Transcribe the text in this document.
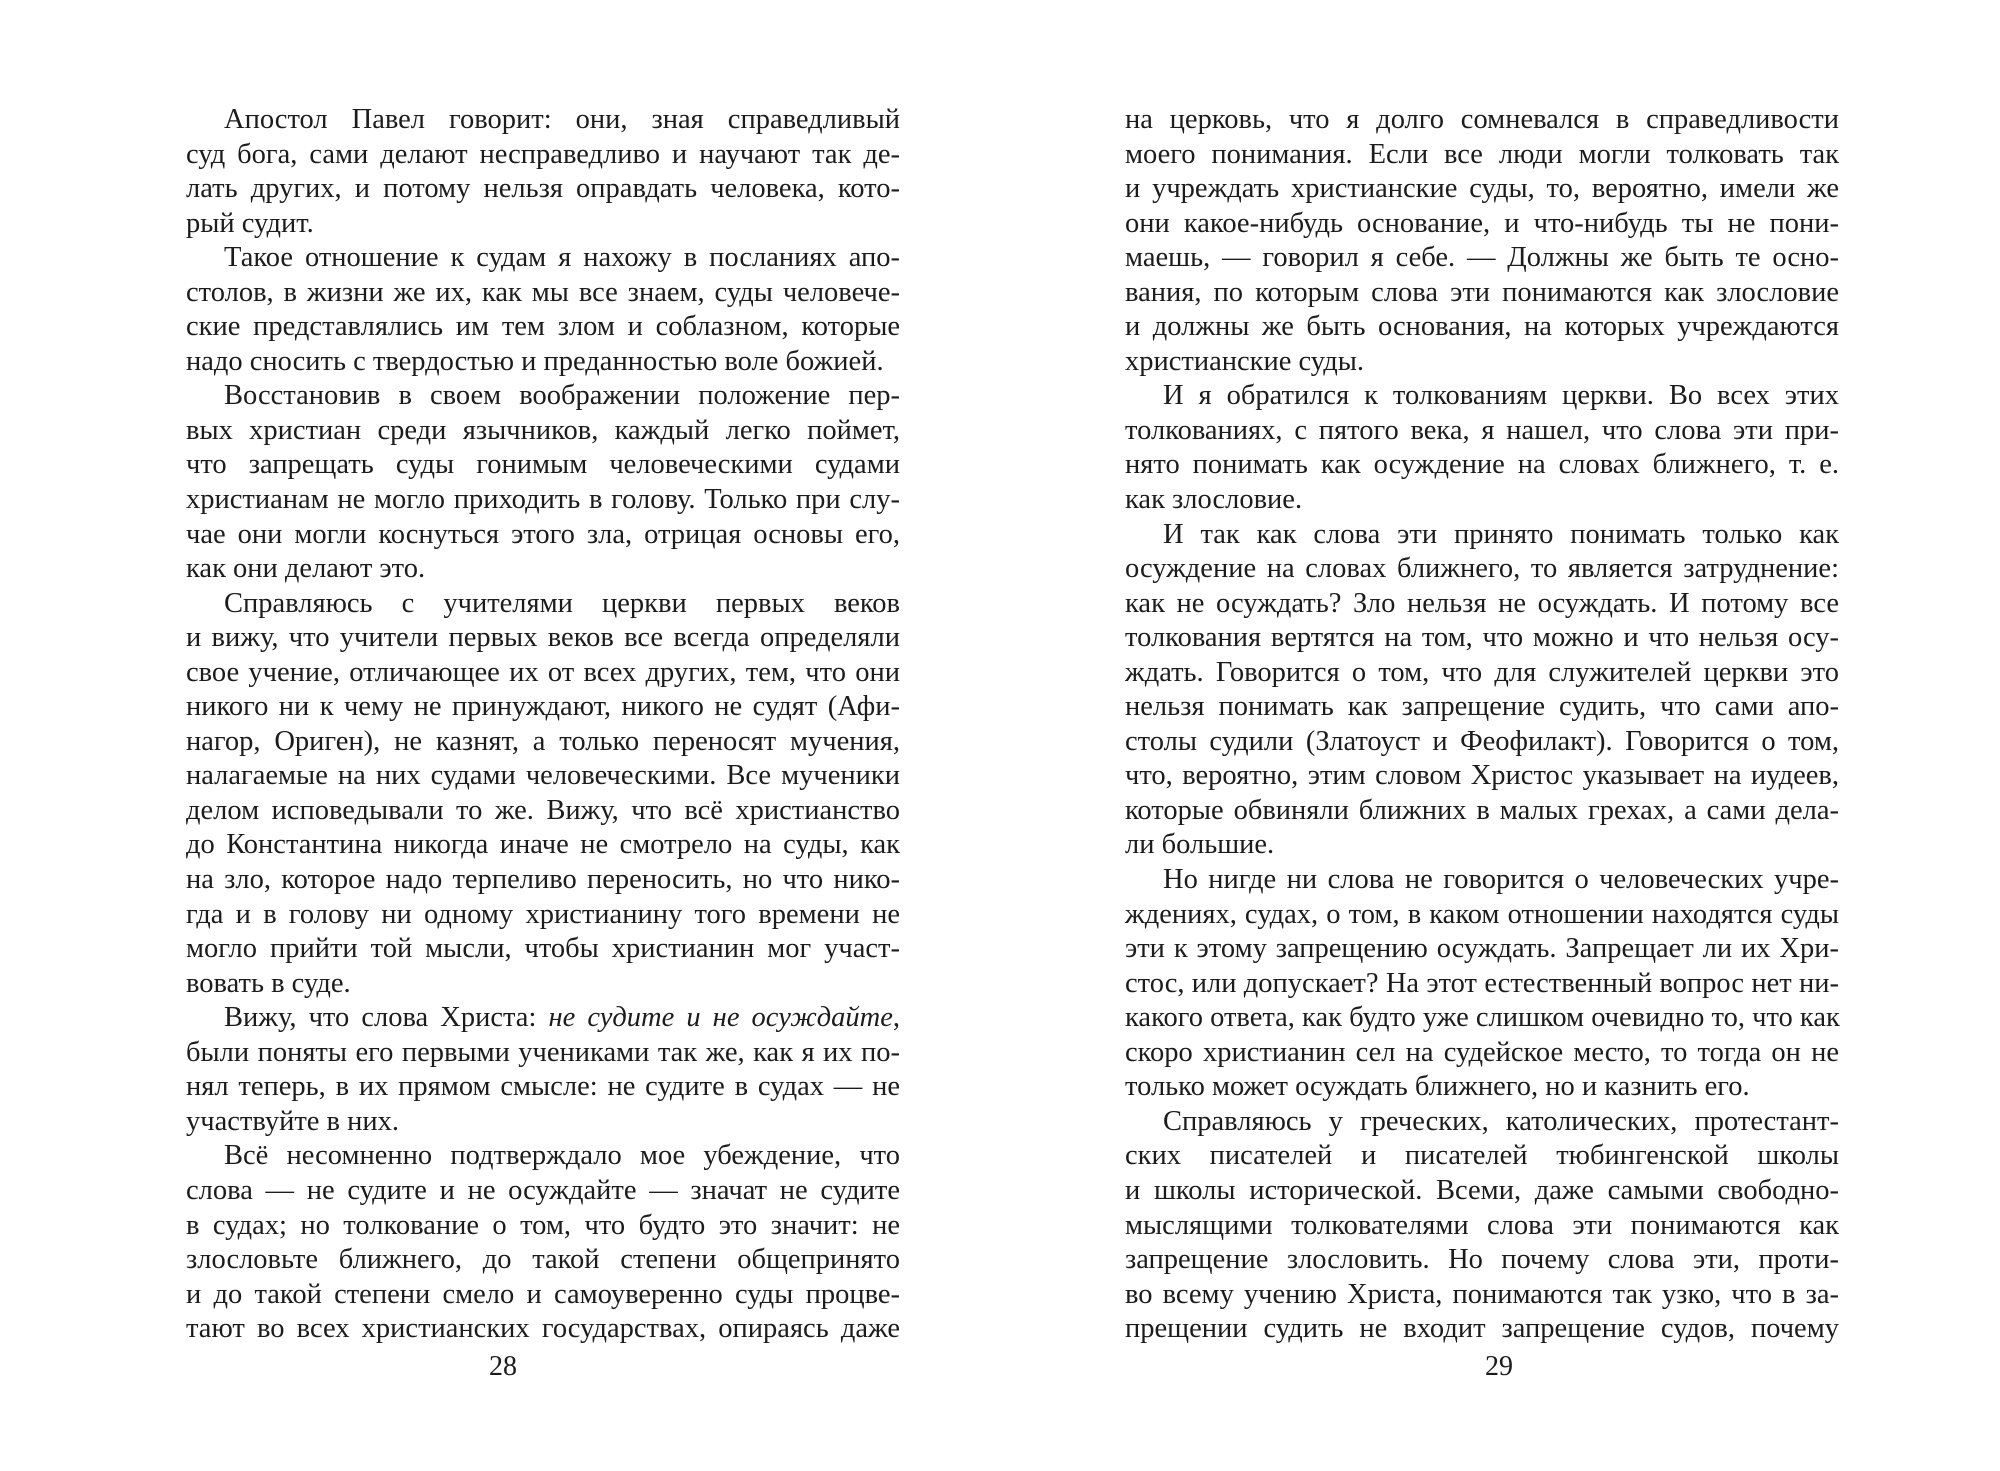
Апостол Павел говорит: они, зная справедливый
суд бога, сами делают несправедливо и научают так де-
лать других, и потому нельзя оправдать человека, кото-
рый судит.
Такое отношение к судам я нахожу в посланиях апо-
столов, в жизни же их, как мы все знаем, суды человече-
ские представлялись им тем злом и соблазном, которые
надо сносить с твердостью и преданностью воле божией.
Восстановив в своем воображении положение пер-
вых христиан среди язычников, каждый легко поймет,
что запрещать суды гонимым человеческими судами
христианам не могло приходить в голову. Только при слу-
чае они могли коснуться этого зла, отрицая основы его,
как они делают это.
Справляюсь с учителями церкви первых веков
и вижу, что учители первых веков все всегда определяли
свое учение, отличающее их от всех других, тем, что они
никого ни к чему не принуждают, никого не судят (Афи-
нагор, Ориген), не казнят, а только переносят мучения,
налагаемые на них судами человеческими. Все мученики
делом исповедывали то же. Вижу, что всё христианство
до Константина никогда иначе не смотрело на суды, как
на зло, которое надо терпеливо переносить, но что нико-
гда и в голову ни одному христианину того времени не
могло прийти той мысли, чтобы христианин мог участ-
вовать в суде.
Вижу, что слова Христа: не судите и не осуждайте,
были поняты его первыми учениками так же, как я их по-
нял теперь, в их прямом смысле: не судите в судах — не
участвуйте в них.
Всё несомненно подтверждало мое убеждение, что
слова — не судите и не осуждайте — значат не судите
в судах; но толкование о том, что будто это значит: не
злословьте ближнего, до такой степени общепринято
и до такой степени смело и самоуверенно суды процве-
тают во всех христианских государствах, опираясь даже
28
на церковь, что я долго сомневался в справедливости
моего понимания. Если все люди могли толковать так
и учреждать христианские суды, то, вероятно, имели же
они какое-нибудь основание, и что-нибудь ты не пони-
маешь, — говорил я себе. — Должны же быть те осно-
вания, по которым слова эти понимаются как злословие
и должны же быть основания, на которых учреждаются
христианские суды.
И я обратился к толкованиям церкви. Во всех этих
толкованиях, с пятого века, я нашел, что слова эти при-
нято понимать как осуждение на словах ближнего, т. е.
как злословие.
И так как слова эти принято понимать только как
осуждение на словах ближнего, то является затруднение:
как не осуждать? Зло нельзя не осуждать. И потому все
толкования вертятся на том, что можно и что нельзя осу-
ждать. Говорится о том, что для служителей церкви это
нельзя понимать как запрещение судить, что сами апо-
столы судили (Златоуст и Феофилакт). Говорится о том,
что, вероятно, этим словом Христос указывает на иудеев,
которые обвиняли ближних в малых грехах, а сами дела-
ли большие.
Но нигде ни слова не говорится о человеческих учре-
ждениях, судах, о том, в каком отношении находятся суды
эти к этому запрещению осуждать. Запрещает ли их Хри-
стос, или допускает? На этот естественный вопрос нет ни-
какого ответа, как будто уже слишком очевидно то, что как
скоро христианин сел на судейское место, то тогда он не
только может осуждать ближнего, но и казнить его.
Справляюсь у греческих, католических, протестант-
ских писателей и писателей тюбингенской школы
и школы исторической. Всеми, даже самыми свободно-
мыслящими толкователями слова эти понимаются как
запрещение злословить. Но почему слова эти, проти-
во всему учению Христа, понимаются так узко, что в за-
прещении судить не входит запрещение судов, почему
29
